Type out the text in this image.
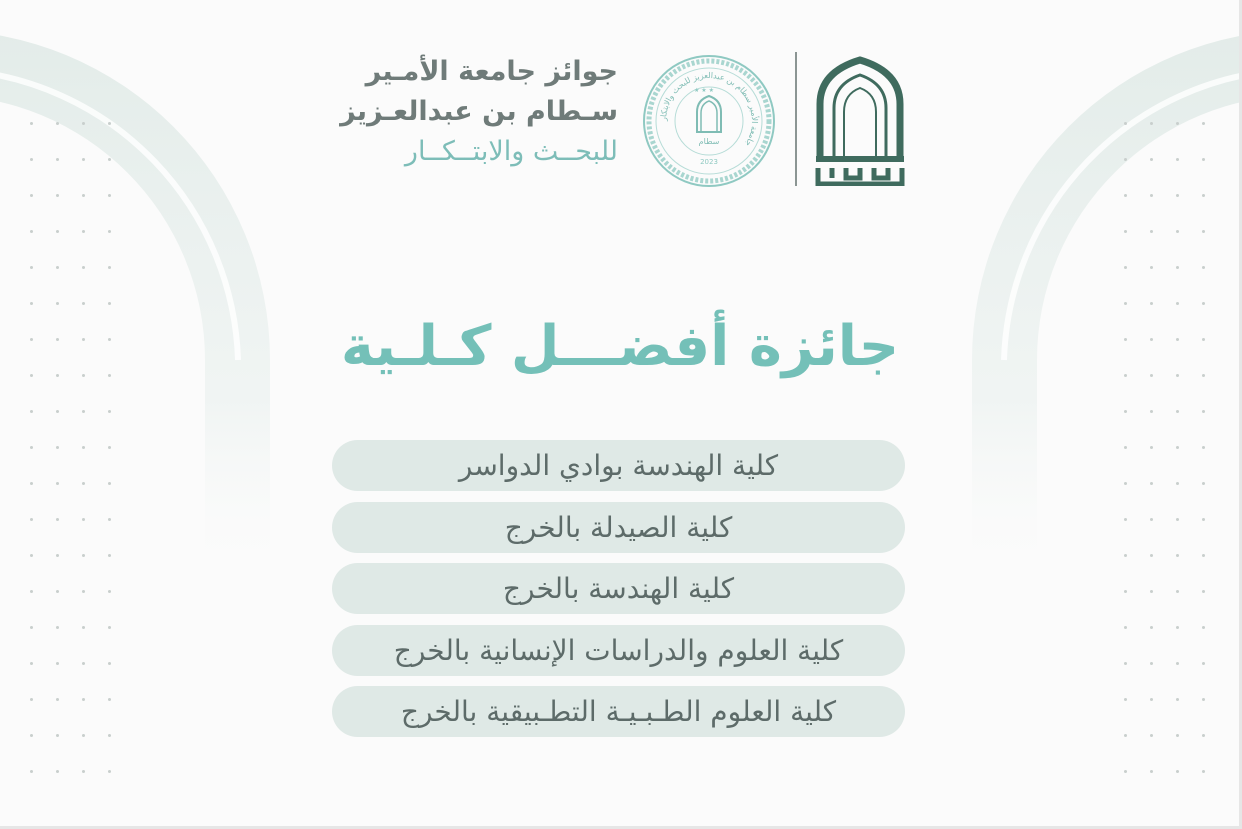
جوائز جامعة الأمـير
سـطام بن عبدالعـزيز
للبحــث والابتــكــار
جامعة الأمير سطام بن عبدالعزيز للبحث والابتكار
سطام
2023
★ ★ ★
جائزة أفضـــل كـلـية
كلية الهندسة بوادي الدواسر
كلية الصيدلة بالخرج
كلية الهندسة بالخرج
كلية العلوم والدراسات الإنسانية بالخرج
كلية العلوم الطـبـيـة التطـبيقية بالخرج
